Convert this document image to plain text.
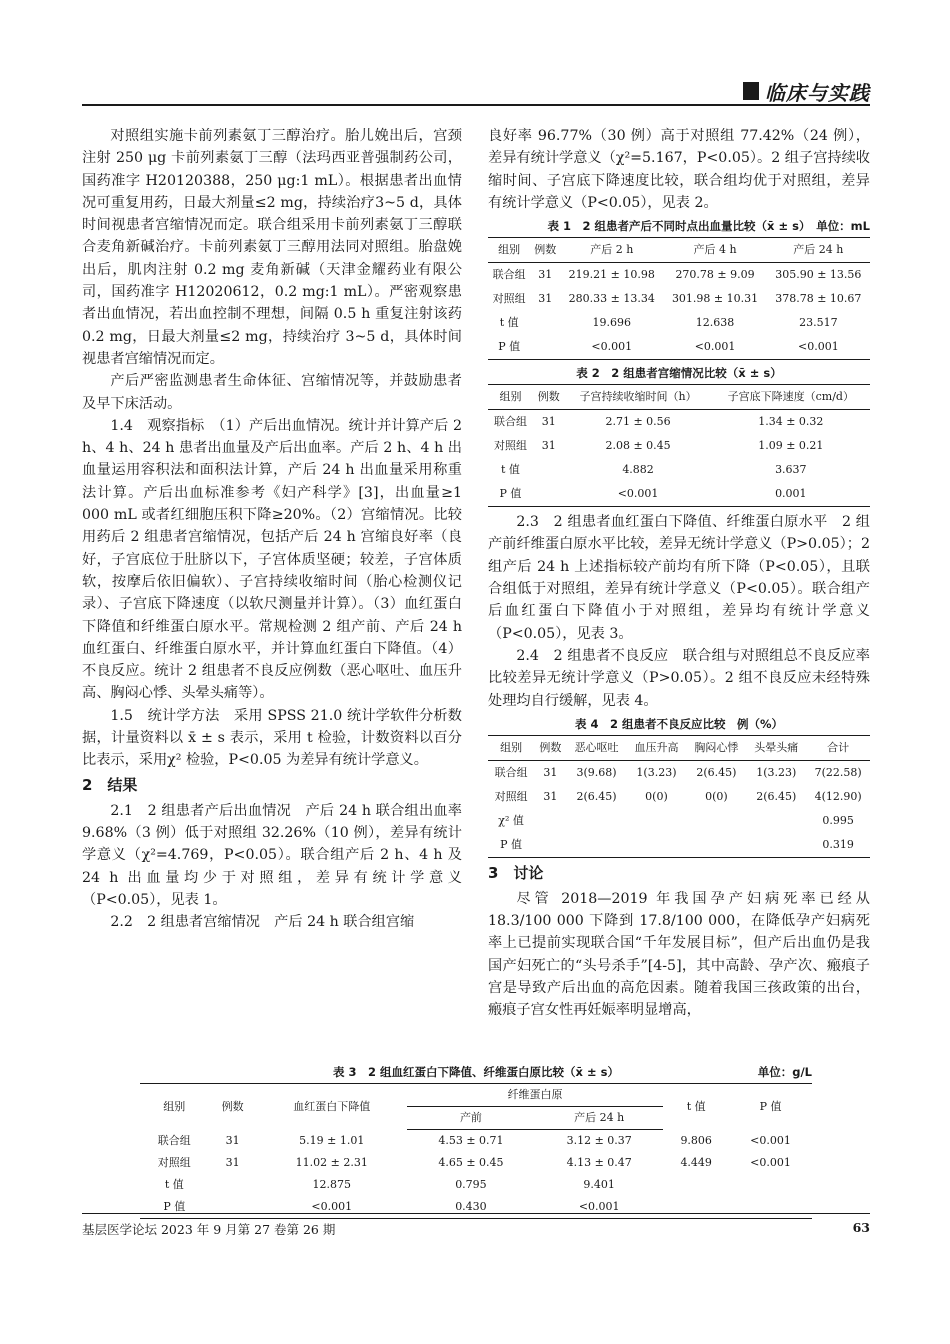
临床与实践

对照组实施卡前列素氨丁三醇治疗。胎儿娩出后，宫颈注射 250 μg 卡前列素氨丁三醇（法玛西亚普强制药公司，国药准字 H20120388，250 μg:1 mL）。根据患者出血情况可重复用药，日最大剂量≤2 mg，持续治疗3~5 d，具体时间视患者宫缩情况而定。联合组采用卡前列素氨丁三醇联合麦角新碱治疗。卡前列素氨丁三醇用法同对照组。胎盘娩出后，肌肉注射 0.2 mg 麦角新碱（天津金耀药业有限公司，国药准字 H12020612，0.2 mg:1 mL）。严密观察患者出血情况，若出血控制不理想，间隔 0.5 h 重复注射该药 0.2 mg，日最大剂量≤2 mg，持续治疗 3~5 d，具体时间视患者宫缩情况而定。

产后严密监测患者生命体征、宫缩情况等，并鼓励患者及早下床活动。

1.4　观察指标　（1）产后出血情况。统计并计算产后 2 h、4 h、24 h 患者出血量及产后出血率。产后 2 h、4 h 出血量运用容积法和面积法计算，产后 24 h 出血量采用称重法计算。产后出血标准参考《妇产科学》[3]，出血量≥1 000 mL 或者红细胞压积下降≥20%。（2）宫缩情况。比较用药后 2 组患者宫缩情况，包括产后 24 h 宫缩良好率（良好，子宫底位于肚脐以下，子宫体质坚硬；较差，子宫体质软，按摩后依旧偏软）、子宫持续收缩时间（胎心检测仪记录）、子宫底下降速度（以软尺测量并计算）。（3）血红蛋白下降值和纤维蛋白原水平。常规检测 2 组产前、产后 24 h 血红蛋白、纤维蛋白原水平，并计算血红蛋白下降值。（4）不良反应。统计 2 组患者不良反应例数（恶心呕吐、血压升高、胸闷心悸、头晕头痛等）。

1.5　统计学方法　采用 SPSS 21.0 统计学软件分析数据，计量资料以 x̄ ± s 表示，采用 t 检验，计数资料以百分比表示，采用χ² 检验，P<0.05 为差异有统计学意义。

2　结果

2.1　2 组患者产后出血情况　产后 24 h 联合组出血率 9.68%（3 例）低于对照组 32.26%（10 例），差异有统计学意义（χ²=4.769，P<0.05）。联合组产后 2 h、4 h 及 24 h 出血量均少于对照组，差异有统计学意义（P<0.05），见表 1。

2.2　2 组患者宫缩情况　产后 24 h 联合组宫缩

良好率 96.77%（30 例）高于对照组 77.42%（24 例），差异有统计学意义（χ²=5.167，P<0.05）。2 组子宫持续收缩时间、子宫底下降速度比较，联合组均优于对照组，差异有统计学意义（P<0.05），见表 2。

表 1　2 组患者产后不同时点出血量比较（x̄ ± s） 单位：mL
组别	例数	产后 2 h	产后 4 h	产后 24 h
联合组	31	219.21 ± 10.98	270.78 ± 9.09	305.90 ± 13.56
对照组	31	280.33 ± 13.34	301.98 ± 10.31	378.78 ± 10.67
t 值		19.696	12.638	23.517
P 值		<0.001	<0.001	<0.001
表 2　2 组患者宫缩情况比较（x̄ ± s）
组别	例数	子宫持续收缩时间（h）	子宫底下降速度（cm/d）
联合组	31	2.71 ± 0.56	1.34 ± 0.32
对照组	31	2.08 ± 0.45	1.09 ± 0.21
t 值		4.882	3.637
P 值		<0.001	0.001

2.3　2 组患者血红蛋白下降值、纤维蛋白原水平　2 组产前纤维蛋白原水平比较，差异无统计学意义（P>0.05）；2 组产后 24 h 上述指标较产前均有所下降（P<0.05），且联合组低于对照组，差异有统计学意义（P<0.05）。联合组产后血红蛋白下降值小于对照组，差异均有统计学意义（P<0.05），见表 3。

2.4　2 组患者不良反应　联合组与对照组总不良反应率比较差异无统计学意义（P>0.05）。2 组不良反应未经特殊处理均自行缓解，见表 4。

表 4　2 组患者不良反应比较　例（%）
组别	例数	恶心呕吐	血压升高	胸闷心悸	头晕头痛	合计
联合组	31	3(9.68)	1(3.23)	2(6.45)	1(3.23)	7(22.58)
对照组	31	2(6.45)	0(0)	0(0)	2(6.45)	4(12.90)
χ² 值						0.995
P 值						0.319
3　讨论

尽管 2018—2019 年我国孕产妇病死率已经从 18.3/100 000 下降到 17.8/100 000，在降低孕产妇病死率上已提前实现联合国“千年发展目标”，但产后出血仍是我国产妇死亡的“头号杀手”[4-5]，其中高龄、孕产次、瘢痕子宫是导致产后出血的高危因素。随着我国三孩政策的出台，瘢痕子宫女性再妊娠率明显增高，

表 3　2 组血红蛋白下降值、纤维蛋白原比较（x̄ ± s）	单位：g/L
组别	例数	血红蛋白下降值	纤维蛋白原		t 值	P 值
			产前	产后 24 h		
联合组	31	5.19 ± 1.01	4.53 ± 0.71	3.12 ± 0.37	9.806	<0.001
对照组	31	11.02 ± 2.31	4.65 ± 0.45	4.13 ± 0.47	4.449	<0.001
t 值		12.875	0.795	9.401		
P 值		<0.001	0.430	<0.001		
基层医学论坛 2023 年 9 月第 27 卷第 26 期	63
